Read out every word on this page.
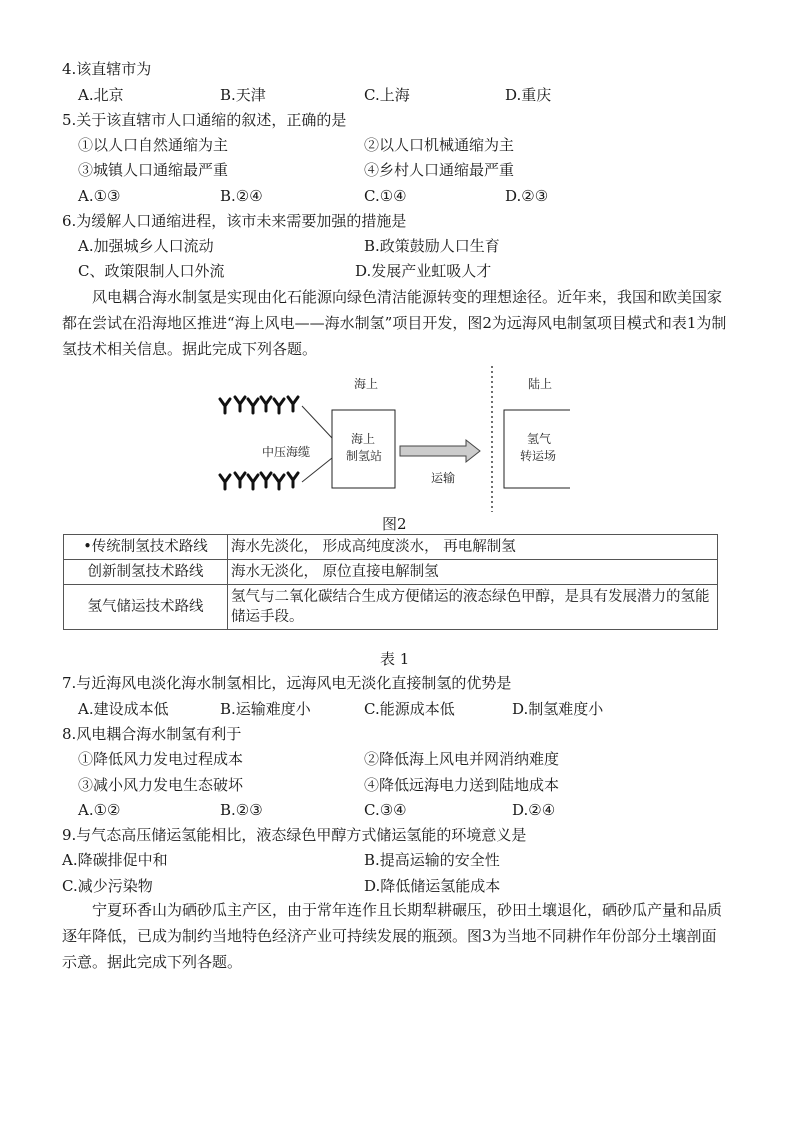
4.该直辖市为
A.北京	B.天津	C.上海	D.重庆
5.关于该直辖市人口通缩的叙述，正确的是
①以人口自然通缩为主	②以人口机械通缩为主
③城镇人口通缩最严重	④乡村人口通缩最严重
A.①③	B.②④	C.①④	D.②③
6.为缓解人口通缩进程，该市未来需要加强的措施是
A.加强城乡人口流动	B.政策鼓励人口生育
C、政策限制人口外流	D.发展产业虹吸人才
风电耦合海水制氢是实现由化石能源向绿色清洁能源转变的理想途径。近年来，我国和欧美国家都在尝试在沿海地区推进“海上风电——海水制氢”项目开发，图2为远海风电制氢项目模式和表1为制氢技术相关信息。据此完成下列各题。
中压海缆
海上
海上
制氢站
运输
陆上
氢气
转运场
图2
•传统制氢技术路线	海水先淡化， 形成高纯度淡水， 再电解制氢
创新制氢技术路线	海水无淡化， 原位直接电解制氢
氢气储运技术路线	氢气与二氧化碳结合生成方便储运的液态绿色甲醇，是具有发展潜力的氢能储运手段。
表 1
7.与近海风电淡化海水制氢相比，远海风电无淡化直接制氢的优势是
A.建设成本低	B.运输难度小	C.能源成本低	D.制氢难度小
8.风电耦合海水制氢有利于
①降低风力发电过程成本	②降低海上风电并网消纳难度
③减小风力发电生态破坏	④降低远海电力送到陆地成本
A.①②	B.②③	C.③④	D.②④
9.与气态高压储运氢能相比，液态绿色甲醇方式储运氢能的环境意义是
A.降碳排促中和	B.提高运输的安全性
C.减少污染物	D.降低储运氢能成本
宁夏环香山为硒砂瓜主产区，由于常年连作且长期犁耕碾压，砂田土壤退化，硒砂瓜产量和品质逐年降低，已成为制约当地特色经济产业可持续发展的瓶颈。图3为当地不同耕作年份部分土壤剖面示意。据此完成下列各题。
